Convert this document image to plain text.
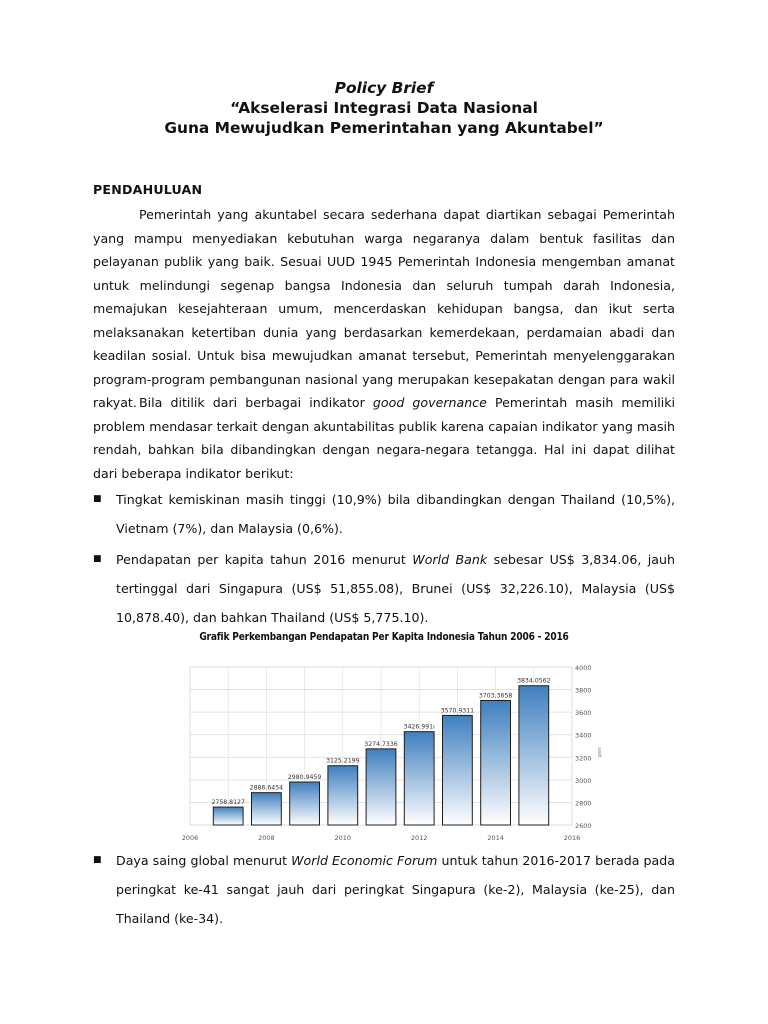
Policy Brief

“Akselerasi Integrasi Data Nasional

Guna Mewujudkan Pemerintahan yang Akuntabel”

PENDAHULUAN

Pemerintah yang akuntabel secara sederhana dapat diartikan sebagai Pemerintah yang mampu menyediakan kebutuhan warga negaranya dalam bentuk fasilitas dan pelayanan publik yang baik. Sesuai UUD 1945 Pemerintah Indonesia mengemban amanat untuk melindungi segenap bangsa Indonesia dan seluruh tumpah darah Indonesia, memajukan kesejahteraan umum, mencerdaskan kehidupan bangsa, dan ikut serta melaksanakan ketertiban dunia yang berdasarkan kemerdekaan, perdamaian abadi dan keadilan sosial. Untuk bisa mewujudkan amanat tersebut, Pemerintah menyelenggarakan program-program pembangunan nasional yang merupakan kesepakatan dengan para wakil rakyat. Bila ditilik dari berbagai indikator good governance Pemerintah masih memiliki problem mendasar terkait dengan akuntabilitas publik karena capaian indikator yang masih rendah, bahkan bila dibandingkan dengan negara-negara tetangga. Hal ini dapat dilihat dari beberapa indikator berikut:

■ Tingkat kemiskinan masih tinggi (10,9%) bila dibandingkan dengan Thailand (10,5%), Vietnam (7%), dan Malaysia (0,6%).
■ Pendapatan per kapita tahun 2016 menurut World Bank sebesar US$ 3,834.06, jauh tertinggal dari Singapura (US$ 51,855.08), Brunei (US$ 32,226.10), Malaysia (US$ 10,878.40), dan bahkan Thailand (US$ 5,775.10).

Grafik Perkembangan Pendapatan Per Kapita Indonesia Tahun 2006 - 2016

2758.8127
2886.6454
2980.9459
3125.2199
3274.7336
3426.991ı
3570.9311
3703.3658
3834.0562
2600
2800
3000
3200
3400
3600
3800
4000
2006	2008	2010	2012	2014	2016
usd
■ Daya saing global menurut World Economic Forum untuk tahun 2016-2017 berada pada peringkat ke-41 sangat jauh dari peringkat Singapura (ke-2), Malaysia (ke-25), dan Thailand (ke-34).
